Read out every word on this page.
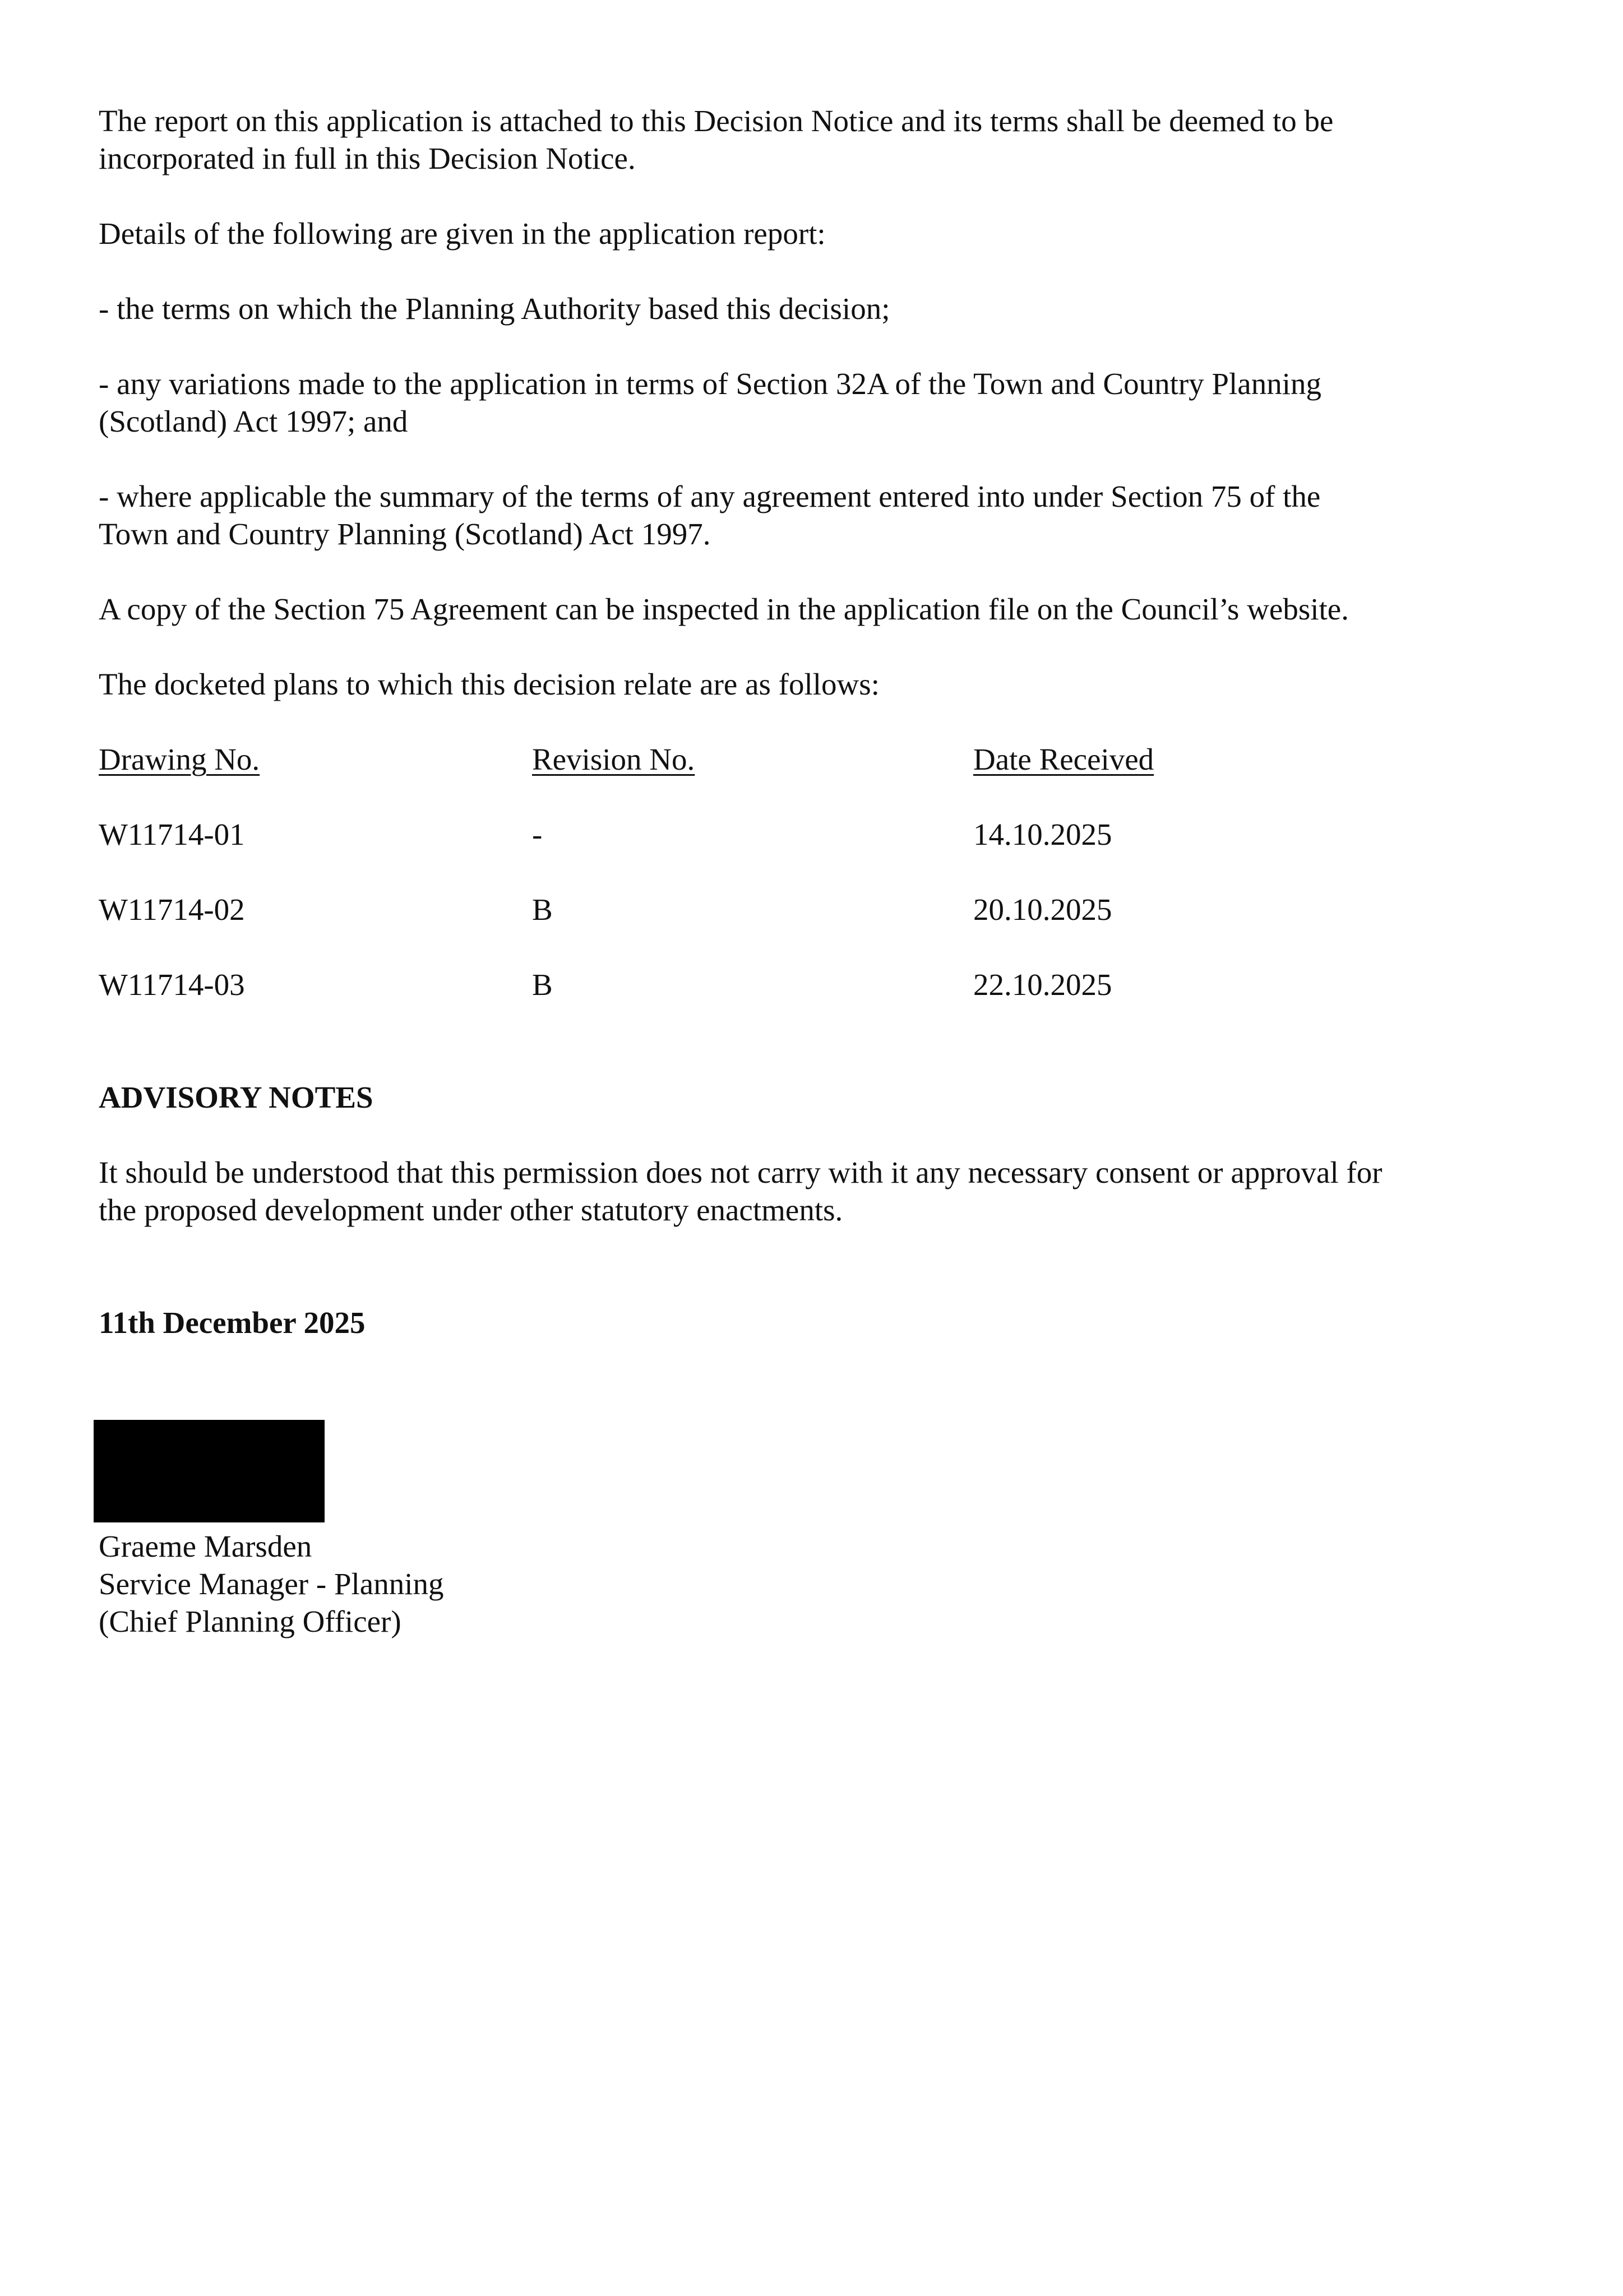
The report on this application is attached to this Decision Notice and its terms shall be deemed to be incorporated in full in this Decision Notice.

Details of the following are given in the application report:

- the terms on which the Planning Authority based this decision;

- any variations made to the application in terms of Section 32A of the Town and Country Planning (Scotland) Act 1997; and

- where applicable the summary of the terms of any agreement entered into under Section 75 of the Town and Country Planning (Scotland) Act 1997.

A copy of the Section 75 Agreement can be inspected in the application file on the Council’s website.

The docketed plans to which this decision relate are as follows:

Drawing No.	Revision No.	Date Received
W11714-01	-	14.10.2025
W11714-02	B	20.10.2025
W11714-03	B	22.10.2025

ADVISORY NOTES

It should be understood that this permission does not carry with it any necessary consent or approval for the proposed development under other statutory enactments.

11th December 2025

Graeme Marsden
Service Manager - Planning
(Chief Planning Officer)
